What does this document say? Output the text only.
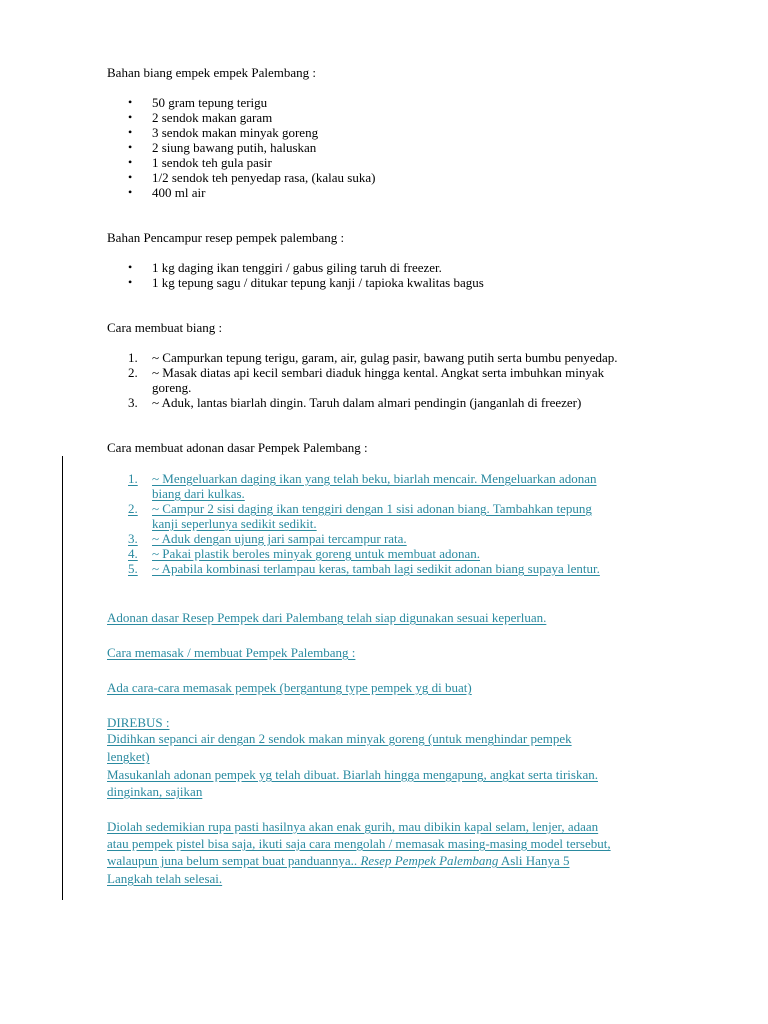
Bahan biang empek empek Palembang :

•	50 gram tepung terigu
•	2 sendok makan garam
•	3 sendok makan minyak goreng
•	2 siung bawang putih, haluskan
•	1 sendok teh gula pasir
•	1/2 sendok teh penyedap rasa, (kalau suka)
•	400 ml air

Bahan Pencampur resep pempek palembang :

•	1 kg daging ikan tenggiri / gabus giling taruh di freezer.
•	1 kg tepung sagu / ditukar tepung kanji / tapioka kwalitas bagus

Cara membuat biang :

1. ~ Campurkan tepung terigu, garam, air, gulag pasir, bawang putih serta bumbu penyedap.
2. ~ Masak diatas api kecil sembari diaduk hingga kental. Angkat serta imbuhkan minyak
goreng.
3. ~ Aduk, lantas biarlah dingin. Taruh dalam almari pendingin (janganlah di freezer)

Cara membuat adonan dasar Pempek Palembang :

1. ~ Mengeluarkan daging ikan yang telah beku, biarlah mencair. Mengeluarkan adonan
biang dari kulkas.
2. ~ Campur 2 sisi daging ikan tenggiri dengan 1 sisi adonan biang. Tambahkan tepung
kanji seperlunya sedikit sedikit.
3. ~ Aduk dengan ujung jari sampai tercampur rata.
4. ~ Pakai plastik beroles minyak goreng untuk membuat adonan.
5. ~ Apabila kombinasi terlampau keras, tambah lagi sedikit adonan biang supaya lentur.

Adonan dasar Resep Pempek dari Palembang telah siap digunakan sesuai keperluan.

Cara memasak / membuat Pempek Palembang :

Ada cara-cara memasak pempek (bergantung type pempek yg di buat)

DIREBUS :

Didihkan sepanci air dengan 2 sendok makan minyak goreng (untuk menghindar pempek

lengket)

Masukanlah adonan pempek yg telah dibuat. Biarlah hingga mengapung, angkat serta tiriskan.

dinginkan, sajikan

Diolah sedemikian rupa pasti hasilnya akan enak gurih, mau dibikin kapal selam, lenjer, adaan

atau pempek pistel bisa saja, ikuti saja cara mengolah / memasak masing-masing model tersebut,

walaupun juna belum sempat buat panduannya.. Resep Pempek Palembang Asli Hanya 5

Langkah telah selesai.
